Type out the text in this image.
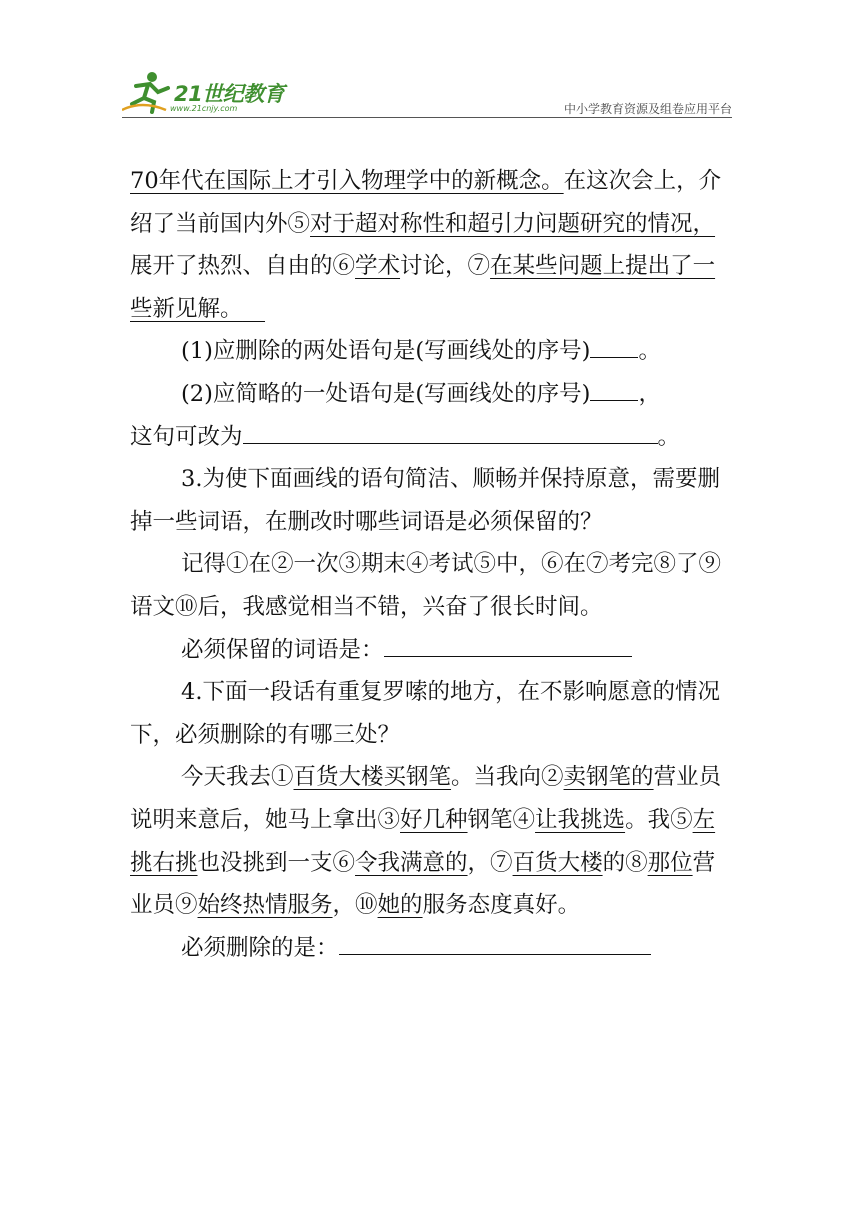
21世纪教育
www.21cnjy.com	中小学教育资源及组卷应用平台

70年代在国际上才引入物理学中的新概念。在这次会上，介绍了当前国内外⑤对于超对称性和超引力问题研究的情况，展开了热烈、自由的⑥学术讨论，⑦在某些问题上提出了一些新见解。 

(1)应删除的两处语句是(写画线处的序号) 。

(2)应简略的一处语句是(写画线处的序号) ，

这句可改为	。

3.为使下面画线的语句简洁、顺畅并保持原意，需要删掉一些词语，在删改时哪些词语是必须保留的？

记得①在②一次③期末④考试⑤中，⑥在⑦考完⑧了⑨语文⑩后，我感觉相当不错，兴奋了很长时间。

必须保留的词语是：

4.下面一段话有重复罗嗦的地方，在不影响愿意的情况下，必须删除的有哪三处？

今天我去①百货大楼买钢笔。当我向②卖钢笔的营业员说明来意后，她马上拿出③好几种钢笔④让我挑选。我⑤左挑右挑也没挑到一支⑥令我满意的，⑦百货大楼的⑧那位营业员⑨始终热情服务，⑩她的服务态度真好。

必须删除的是：
